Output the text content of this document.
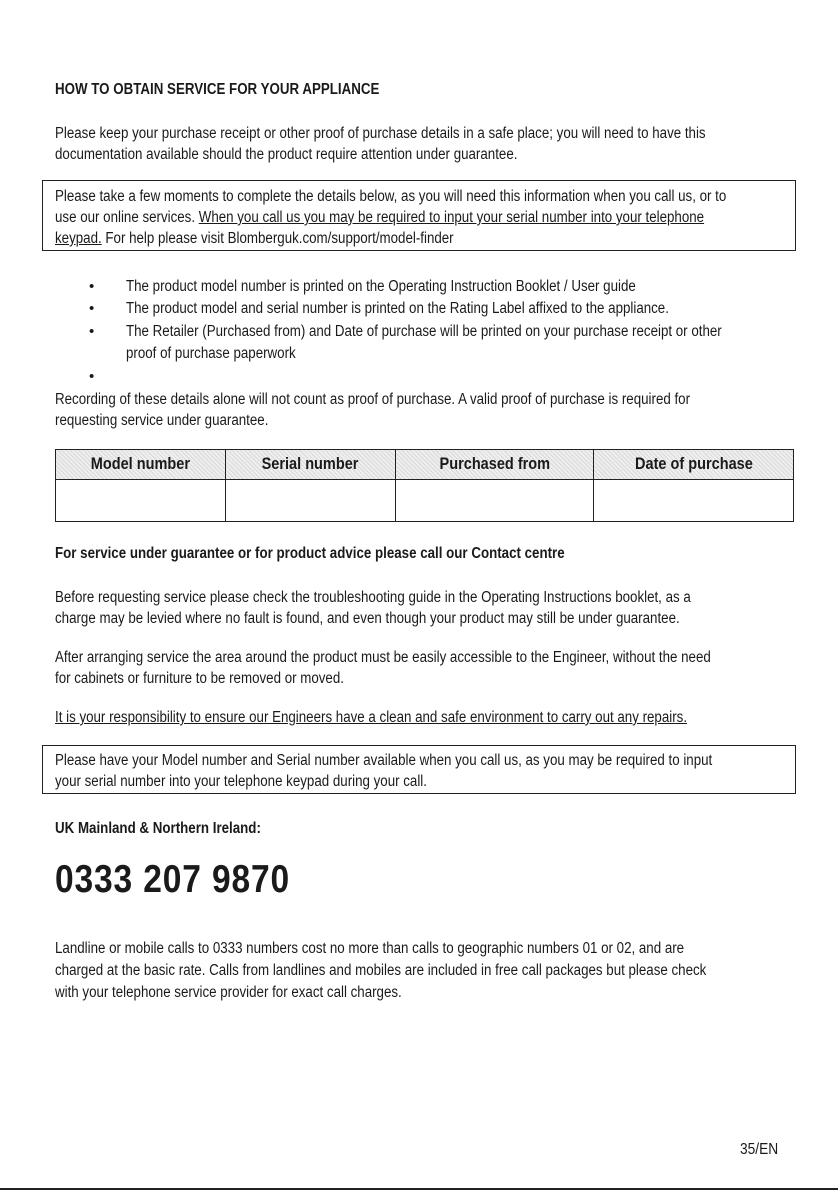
HOW TO OBTAIN SERVICE FOR YOUR APPLIANCE
Please keep your purchase receipt or other proof of purchase details in a safe place; you will need to have this
documentation available should the product require attention under guarantee.
Please take a few moments to complete the details below, as you will need this information when you call us, or to
use our online services. When you call us you may be required to input your serial number into your telephone
keypad. For help please visit Blomberguk.com/support/model-finder
• The product model number is printed on the Operating Instruction Booklet / User guide
• The product model and serial number is printed on the Rating Label affixed to the appliance.
• The Retailer (Purchased from) and Date of purchase will be printed on your purchase receipt or other
proof of purchase paperwork
•
Recording of these details alone will not count as proof of purchase. A valid proof of purchase is required for
requesting service under guarantee.
Model number	Serial number	Purchased from	Date of purchase

For service under guarantee or for product advice please call our Contact centre
Before requesting service please check the troubleshooting guide in the Operating Instructions booklet, as a
charge may be levied where no fault is found, and even though your product may still be under guarantee.
After arranging service the area around the product must be easily accessible to the Engineer, without the need
for cabinets or furniture to be removed or moved.
It is your responsibility to ensure our Engineers have a clean and safe environment to carry out any repairs.
Please have your Model number and Serial number available when you call us, as you may be required to input
your serial number into your telephone keypad during your call.
UK Mainland & Northern Ireland:
0333 207 9870
Landline or mobile calls to 0333 numbers cost no more than calls to geographic numbers 01 or 02, and are
charged at the basic rate. Calls from landlines and mobiles are included in free call packages but please check
with your telephone service provider for exact call charges.
35/EN
